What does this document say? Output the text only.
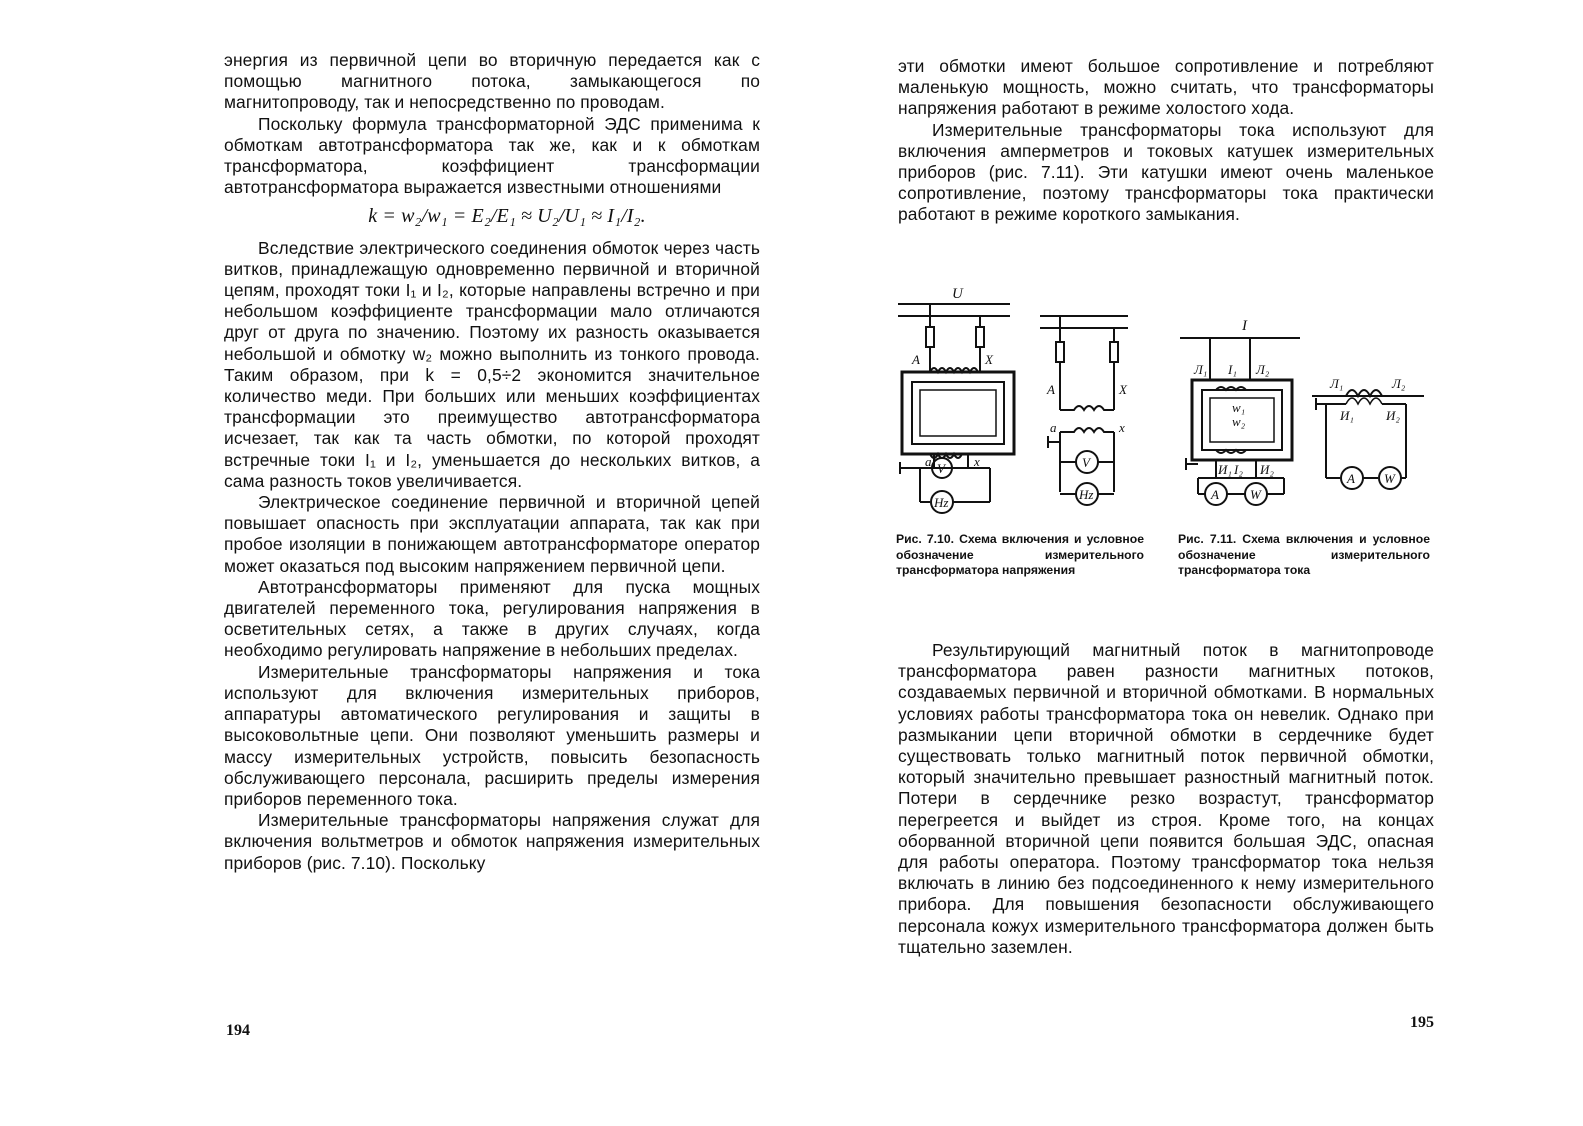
энергия из первичной цепи во вторичную передается как с помощью магнитного потока, замыкающегося по магнитопроводу, так и непосредственно по проводам.

Поскольку формула трансформаторной ЭДС применима к обмоткам автотрансформатора так же, как и к обмоткам трансформатора, коэффициент трансформации автотрансформатора выражается известными отношениями

k = w₂/w₁ = E₂/E₁ ≈ U₂/U₁ ≈ I₁/I₂.

Вследствие электрического соединения обмоток через часть витков, принадлежащую одновременно первичной и вторичной цепям, проходят токи I₁ и I₂, которые направлены встречно и при небольшом коэффициенте трансформации мало отличаются друг от друга по значению. Поэтому их разность оказывается небольшой и обмотку w₂ можно выполнить из тонкого провода. Таким образом, при k = 0,5÷2 экономится значительное количество меди. При больших или меньших коэффициентах трансформации это преимущество автотрансформатора исчезает, так как та часть обмотки, по которой проходят встречные токи I₁ и I₂, уменьшается до нескольких витков, а сама разность токов увеличивается.

Электрическое соединение первичной и вторичной цепей повышает опасность при эксплуатации аппарата, так как при пробое изоляции в понижающем автотрансформаторе оператор может оказаться под высоким напряжением первичной цепи.

Автотрансформаторы применяют для пуска мощных двигателей переменного тока, регулирования напряжения в осветительных сетях, а также в других случаях, когда необходимо регулировать напряжение в небольших пределах.

Измерительные трансформаторы напряжения и тока используют для включения измерительных приборов, аппаратуры автоматического регулирования и защиты в высоковольтные цепи. Они позволяют уменьшить размеры и массу измерительных устройств, повысить безопасность обслуживающего персонала, расширить пределы измерения приборов переменного тока.

Измерительные трансформаторы напряжения служат для включения вольтметров и обмоток напряжения измерительных приборов (рис. 7.10). Поскольку

194

эти обмотки имеют большое сопротивление и потребляют маленькую мощность, можно считать, что трансформаторы напряжения работают в режиме холостого хода.

Измерительные трансформаторы тока используют для включения амперметров и токовых катушек измерительных приборов (рис. 7.11). Эти катушки имеют очень маленькое сопротивление, поэтому трансформаторы тока практически работают в режиме короткого замыкания.

U
A	X
a	x
V
Hz
A	X
a	x
V
Hz
I
Л₁ I₁ Л₂
w₁
w₂
И₁ I₂ И₂
A W
Л₁	Л₂
И₁ И₂
A W
Рис. 7.10. Схема включения и условное обозначение измерительного трансформатора напряжения
Рис. 7.11. Схема включения и условное обозначение измерительного трансформатора тока

Результирующий магнитный поток в магнитопроводе трансформатора равен разности магнитных потоков, создаваемых первичной и вторичной обмотками. В нормальных условиях работы трансформатора тока он невелик. Однако при размыкании цепи вторичной обмотки в сердечнике будет существовать только магнитный поток первичной обмотки, который значительно превышает разностный магнитный поток. Потери в сердечнике резко возрастут, трансформатор перегреется и выйдет из строя. Кроме того, на концах оборванной вторичной цепи появится большая ЭДС, опасная для работы оператора. Поэтому трансформатор тока нельзя включать в линию без подсоединенного к нему измерительного прибора. Для повышения безопасности обслуживающего персонала кожух измерительного трансформатора должен быть тщательно заземлен.

195
